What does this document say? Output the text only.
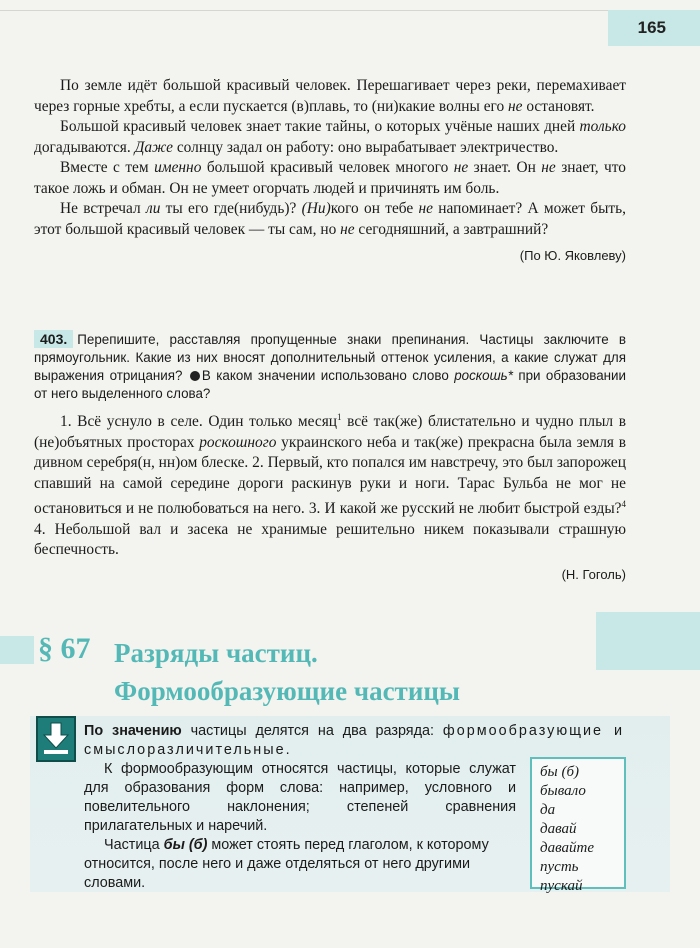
165

По земле идёт большой красивый человек. Перешагивает через реки, перемахивает через горные хребты, а если пускается (в)плавь, то (ни)какие волны его не остановят.

Большой красивый человек знает такие тайны, о которых учёные наших дней только догадываются. Даже солнцу задал он работу: оно вырабатывает электричество.

Вместе с тем именно большой красивый человек многого не знает. Он не знает, что такое ложь и обман. Он не умеет огорчать людей и причинять им боль.

Не встречал ли ты его где(нибудь)? (Ни)кого он тебе не напоминает? А может быть, этот большой красивый человек — ты сам, но не сегодняшний, а завтрашний?

(По Ю. Яковлеву)

403. Перепишите, расставляя пропущенные знаки препинания. Частицы заключите в прямоугольник. Какие из них вносят дополнительный оттенок усиления, а какие служат для выражения отрицания? В каком значении использовано слово роскошь* при образовании от него выделенного слова?

1. Всё уснуло в селе. Один только месяц$^1$ всё так(же) блистательно и чудно плыл в (не)объятных просторах роскошного украинского неба и так(же) прекрасна была земля в дивном серебря(н, нн)ом блеске. 2. Первый, кто попался им навстречу, это был запорожец спавший на самой середине дороги раскинув руки и ноги. Тарас Бульба не мог не остановиться и не полюбоваться на него. 3. И какой же русский не любит быстрой езды?$^4$ 4. Небольшой вал и засека не хранимые решительно никем показывали страшную беспечность.

(Н. Гоголь)

§ 67 Разряды частиц.
Формообразующие частицы

По значению частицы делятся на два разряда: формообразующие и смыслоразличительные.

К формообразующим относятся частицы, которые служат для образования форм слова: например, условного и повелительного наклонения; степеней сравнения прилагательных и наречий.

Частица бы (б) может стоять перед глаголом, к которому относится, после него и даже отделяться от него другими словами.

бы (б)
бывало
да
давай
давайте
пусть
пускай
